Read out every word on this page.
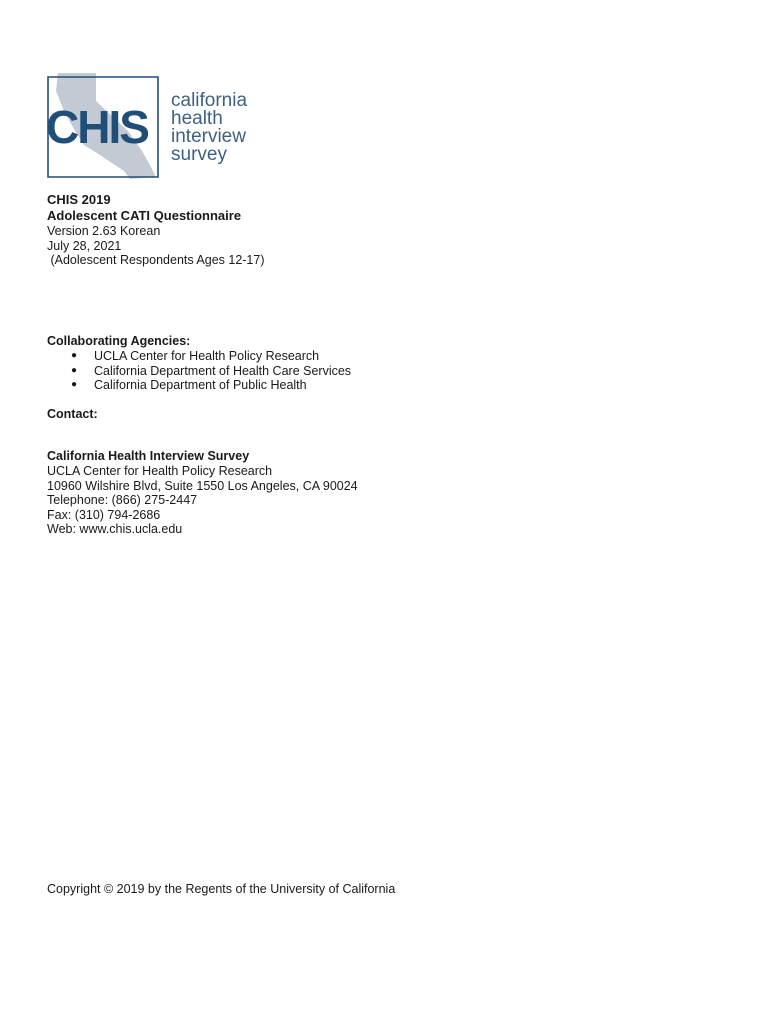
CHIS
california
health
interview
survey

CHIS 2019

Adolescent CATI Questionnaire

Version 2.63 Korean

July 28, 2021

(Adolescent Respondents Ages 12-17)

Collaborating Agencies:

● UCLA Center for Health Policy Research
● California Department of Health Care Services
● California Department of Public Health

Contact:

California Health Interview Survey

UCLA Center for Health Policy Research

10960 Wilshire Blvd, Suite 1550 Los Angeles, CA 90024

Telephone: (866) 275-2447

Fax: (310) 794-2686

Web: www.chis.ucla.edu

Copyright © 2019 by the Regents of the University of California
